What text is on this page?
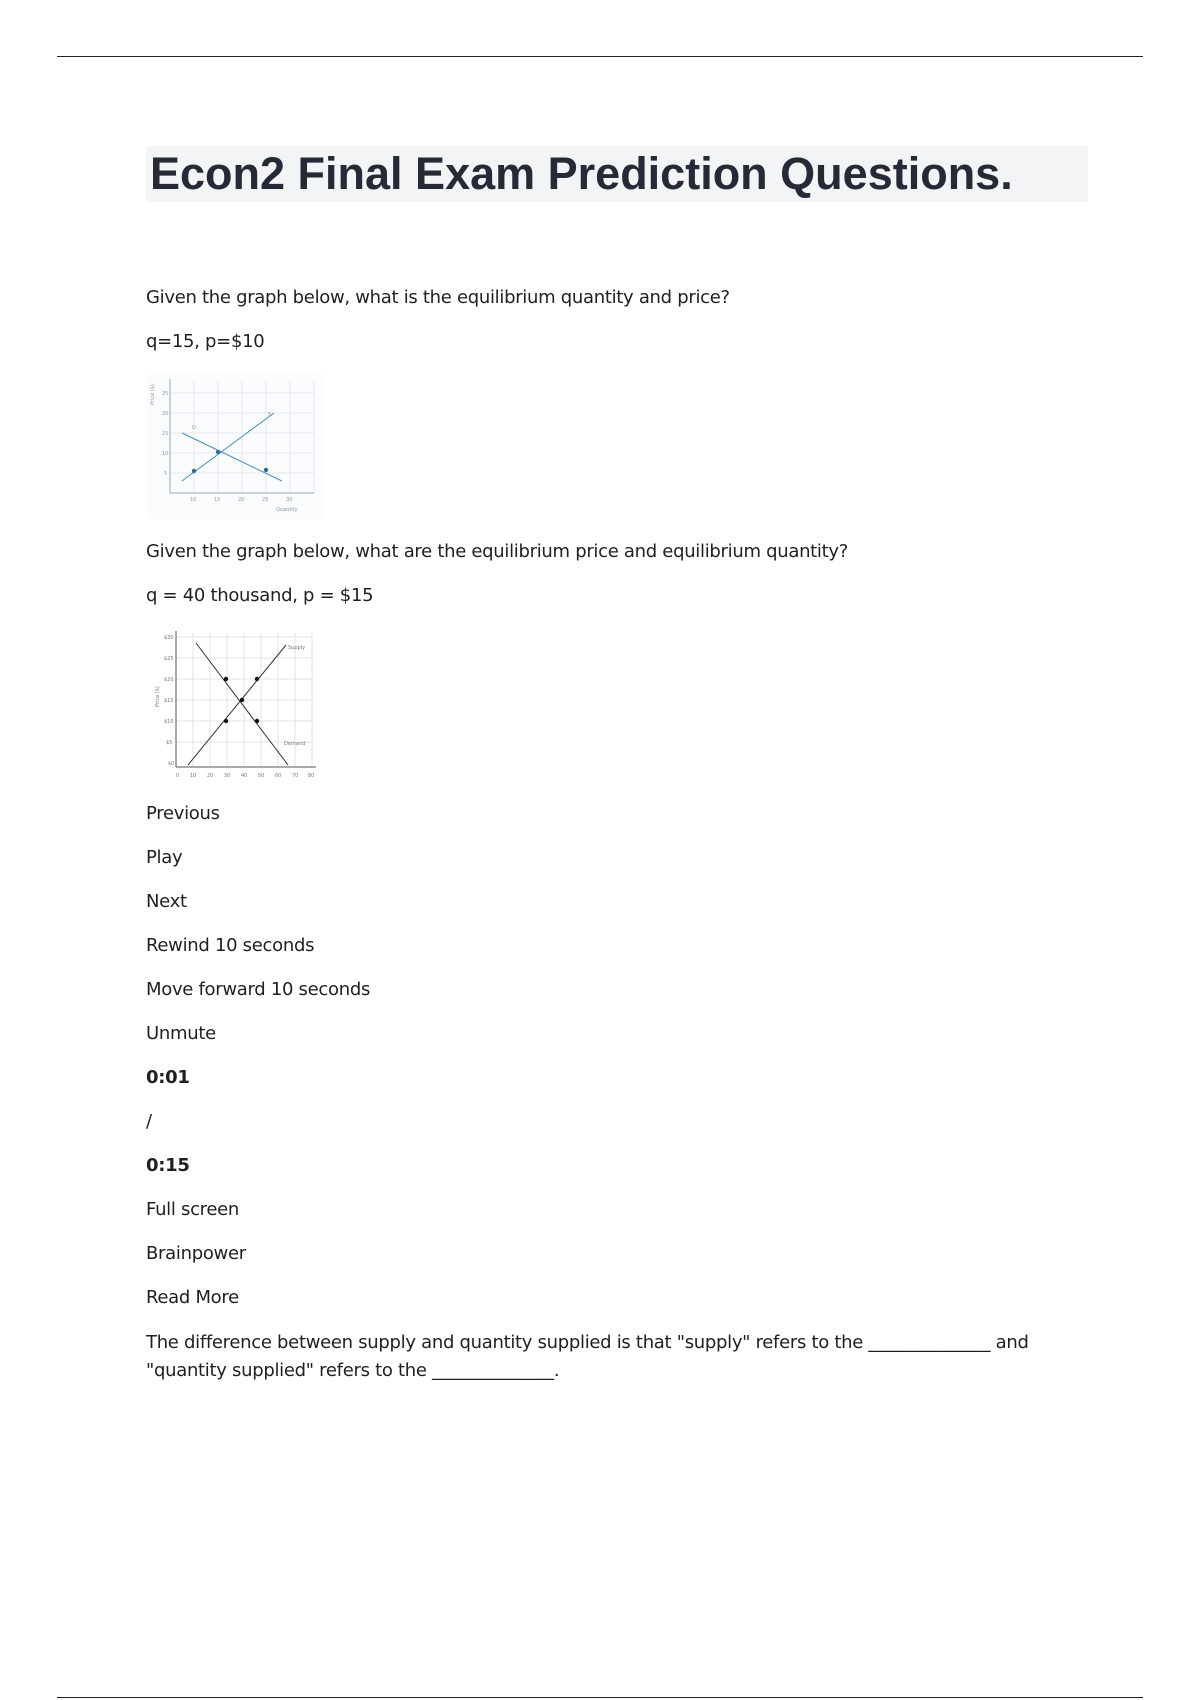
Econ2 Final Exam Prediction Questions.

Given the graph below, what is the equilibrium quantity and price?

q=15, p=$10

25
20
15
10
5
10	15	20	25	30
Quantity
D
S
Price ($)

Given the graph below, what are the equilibrium price and equilibrium quantity?

q = 40 thousand, p = $15

$30
$25
$20
$15
$10
$5
$0
0 10 20 30 40 50 60 70 80
Supply
Demand
Price ($)

Previous

Play

Next

Rewind 10 seconds

Move forward 10 seconds

Unmute

0:01

/

0:15

Full screen

Brainpower

Read More

The difference between supply and quantity supplied is that "supply" refers to the ______________ and "quantity supplied" refers to the ______________.
